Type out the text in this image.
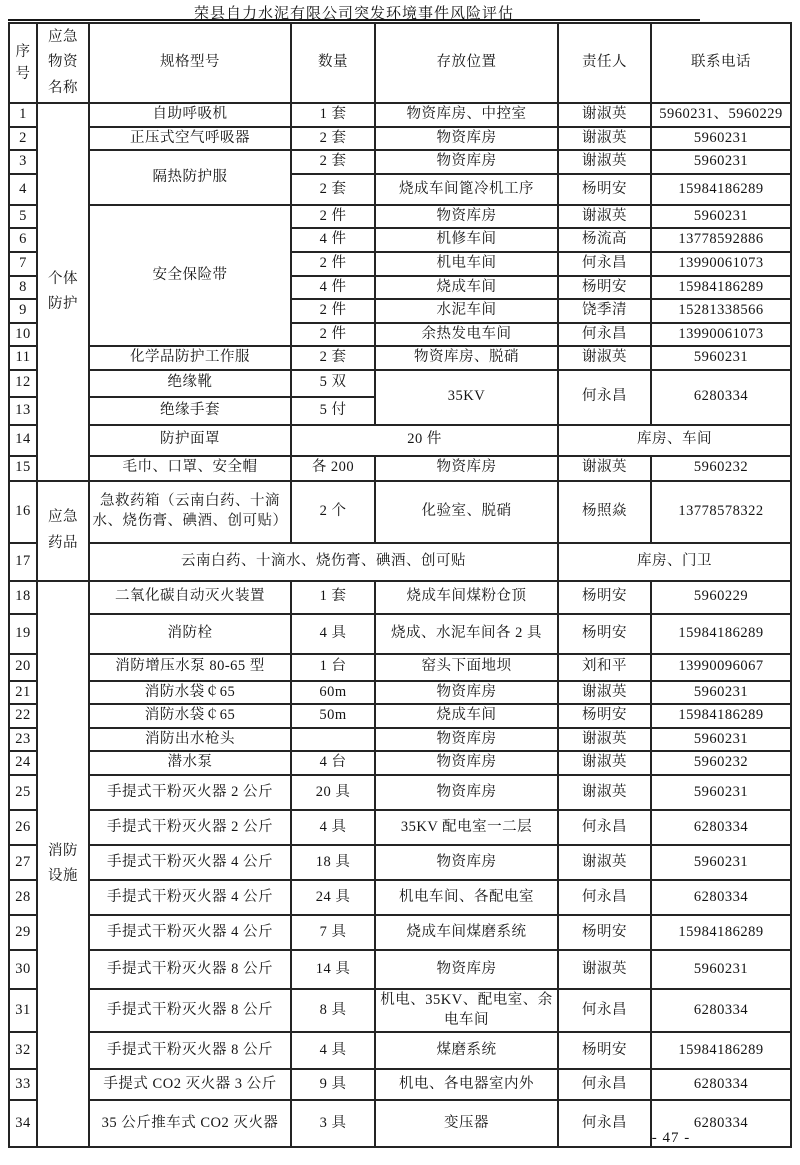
荣县自力水泥有限公司突发环境事件风险评估
序号	应急物资名称	规格型号	数量	存放位置	责任人	联系电话
1	个体防护	自助呼吸机	1 套	物资库房、中控室	谢淑英	5960231、5960229
2		正压式空气呼吸器	2 套	物资库房	谢淑英	5960231
3		隔热防护服	2 套	物资库房	谢淑英	5960231
4			2 套	烧成车间篦冷机工序	杨明安	15984186289
5		安全保险带	2 件	物资库房	谢淑英	5960231
6			4 件	机修车间	杨流高	13778592886
7			2 件	机电车间	何永昌	13990061073
8			4 件	烧成车间	杨明安	15984186289
9			2 件	水泥车间	饶季清	15281338566
10			2 件	余热发电车间	何永昌	13990061073
11		化学品防护工作服	2 套	物资库房、脱硝	谢淑英	5960231
12		绝缘靴	5 双	35KV	何永昌	6280334
13		绝缘手套	5 付			
14		防护面罩	20 件		库房、车间	
15		毛巾、口罩、安全帽	各 200	物资库房	谢淑英	5960232
16	应急药品	急救药箱（云南白药、十滴水、烧伤膏、碘酒、创可贴）	2 个	化验室、脱硝	杨照焱	13778578322
17		云南白药、十滴水、烧伤膏、碘酒、创可贴			库房、门卫	
18	消防设施	二氧化碳自动灭火装置	1 套	烧成车间煤粉仓顶	杨明安	5960229
19		消防栓	4 具	烧成、水泥车间各 2 具	杨明安	15984186289
20		消防增压水泵 80-65 型	1 台	窑头下面地坝	刘和平	13990096067
21		消防水袋￠65	60m	物资库房	谢淑英	5960231
22		消防水袋￠65	50m	烧成车间	杨明安	15984186289
23		消防出水枪头		物资库房	谢淑英	5960231
24		潜水泵	4 台	物资库房	谢淑英	5960232
25		手提式干粉灭火器 2 公斤	20 具	物资库房	谢淑英	5960231
26		手提式干粉灭火器 2 公斤	4 具	35KV 配电室一二层	何永昌	6280334
27		手提式干粉灭火器 4 公斤	18 具	物资库房	谢淑英	5960231
28		手提式干粉灭火器 4 公斤	24 具	机电车间、各配电室	何永昌	6280334
29		手提式干粉灭火器 4 公斤	7 具	烧成车间煤磨系统	杨明安	15984186289
30		手提式干粉灭火器 8 公斤	14 具	物资库房	谢淑英	5960231
31		手提式干粉灭火器 8 公斤	8 具	机电、35KV、配电室、余电车间	何永昌	6280334
32		手提式干粉灭火器 8 公斤	4 具	煤磨系统	杨明安	15984186289
33		手提式 CO2 灭火器 3 公斤	9 具	机电、各电器室内外	何永昌	6280334
34		35 公斤推车式 CO2 灭火器	3 具	变压器	何永昌	6280334
- 47 -
